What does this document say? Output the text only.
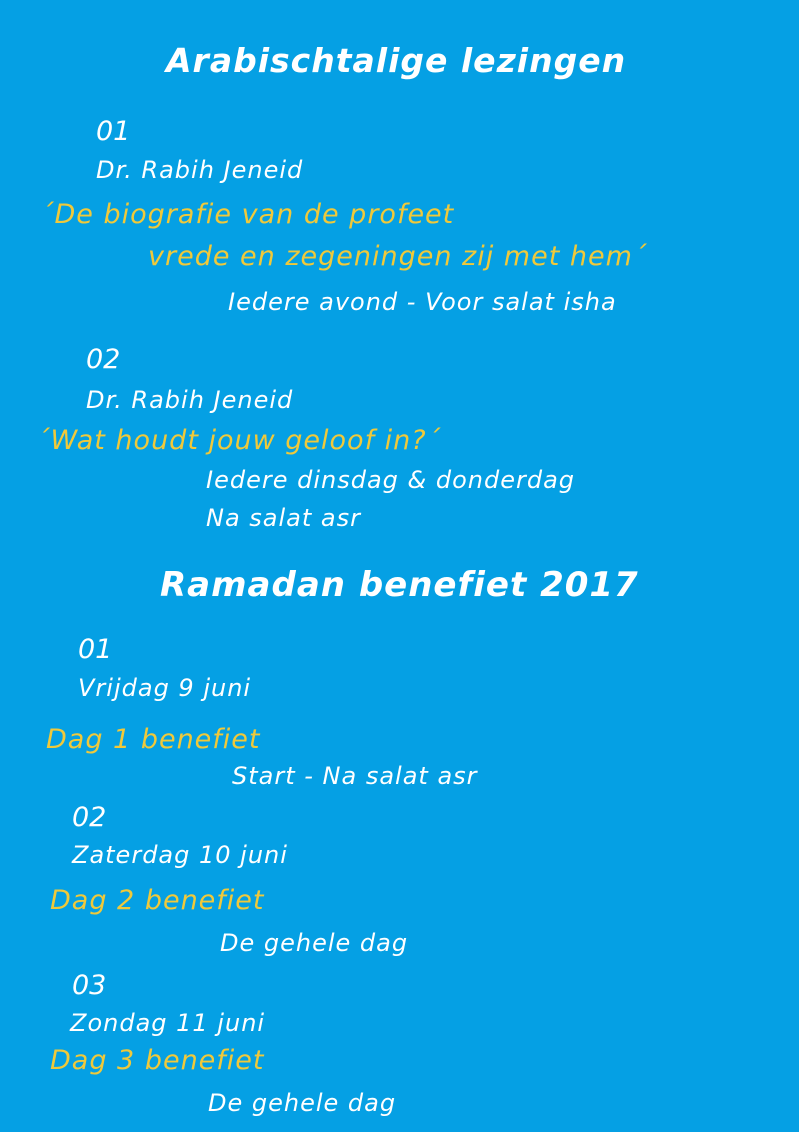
Arabischtalige lezingen
01
Dr. Rabih Jeneid
´De biografie van de profeet
vrede en zegeningen zij met hem´
Iedere avond - Voor salat isha
02
Dr. Rabih Jeneid
´Wat houdt jouw geloof in?´
Iedere dinsdag & donderdag
Na salat asr
Ramadan benefiet 2017
01
Vrijdag 9 juni
Dag 1 benefiet
Start - Na salat asr
02
Zaterdag 10 juni
Dag 2 benefiet
De gehele dag
03
Zondag 11 juni
Dag 3 benefiet
De gehele dag
